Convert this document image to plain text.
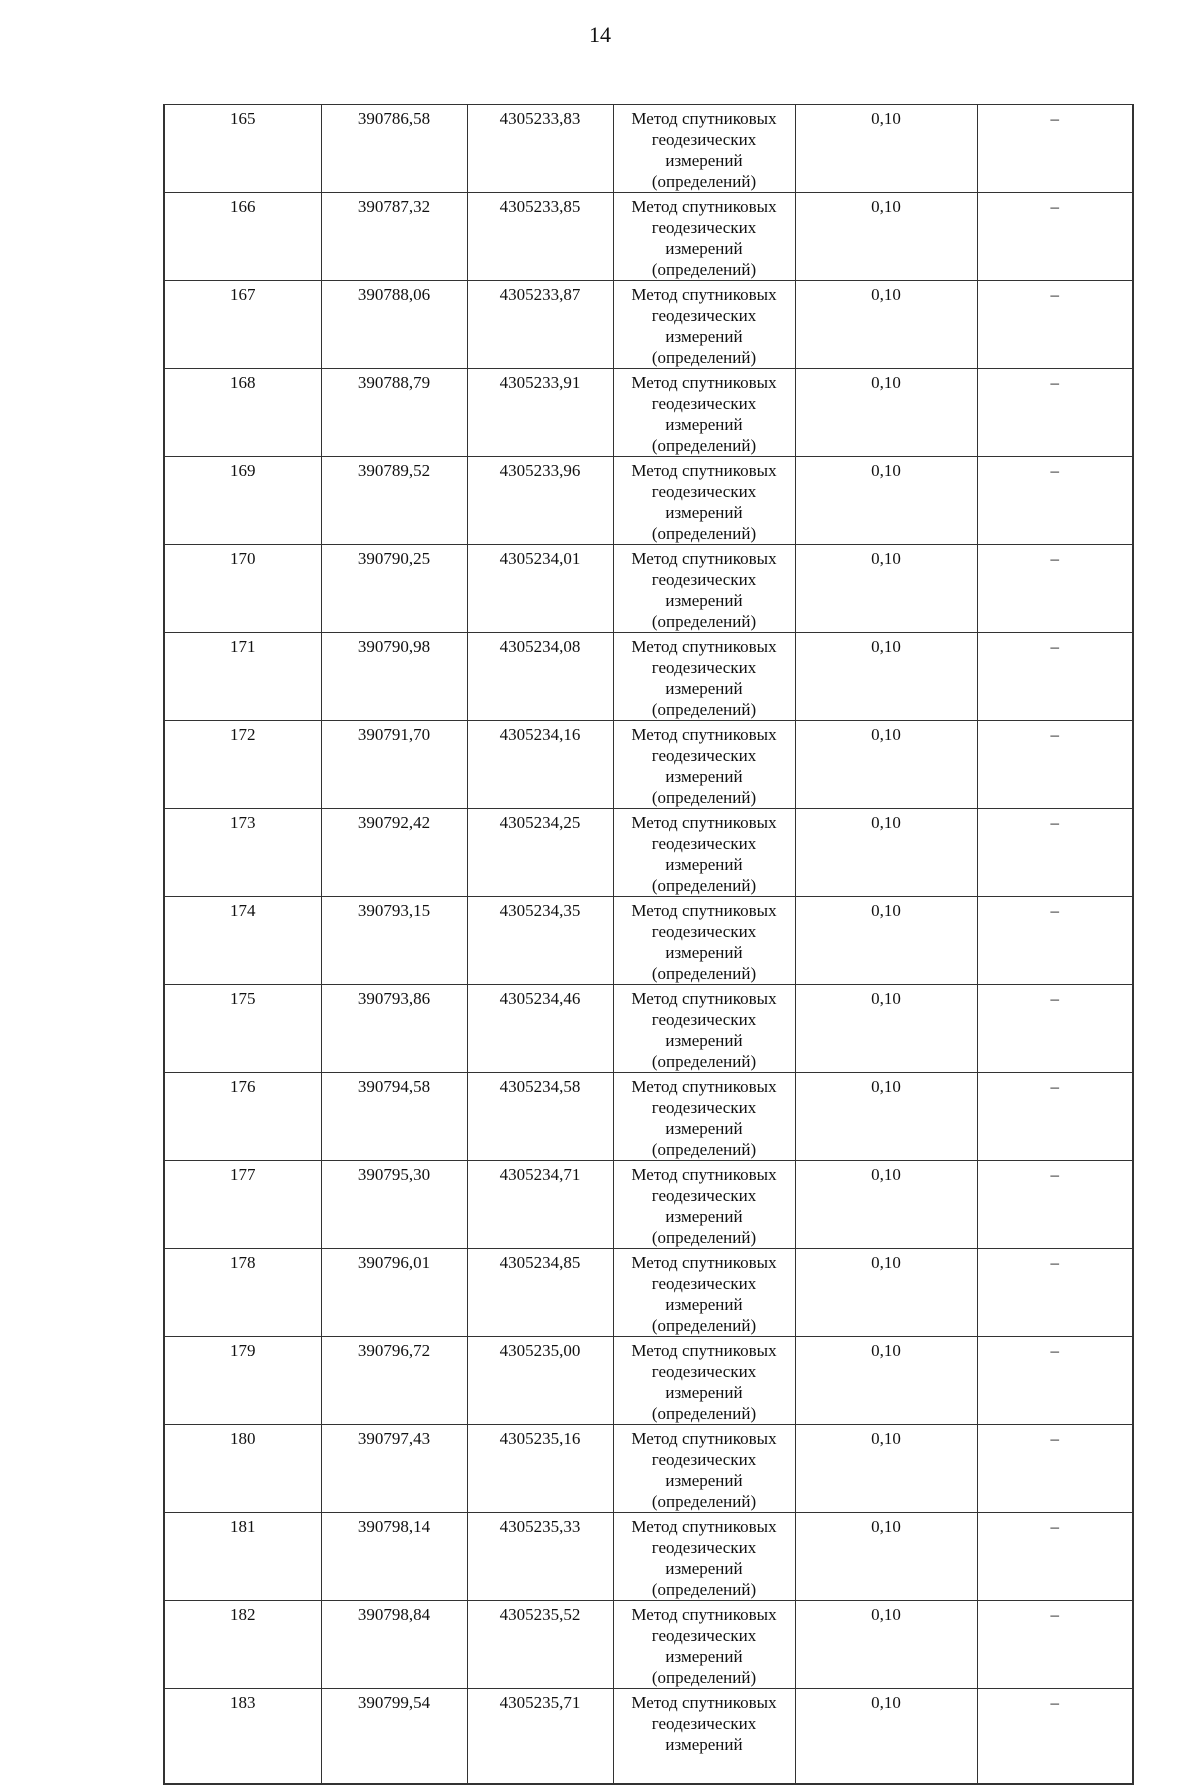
14
165	390786,58	4305233,83	Метод спутниковых
геодезических
измерений
(определений)	0,10	–
166	390787,32	4305233,85	Метод спутниковых
геодезических
измерений
(определений)	0,10	–
167	390788,06	4305233,87	Метод спутниковых
геодезических
измерений
(определений)	0,10	–
168	390788,79	4305233,91	Метод спутниковых
геодезических
измерений
(определений)	0,10	–
169	390789,52	4305233,96	Метод спутниковых
геодезических
измерений
(определений)	0,10	–
170	390790,25	4305234,01	Метод спутниковых
геодезических
измерений
(определений)	0,10	–
171	390790,98	4305234,08	Метод спутниковых
геодезических
измерений
(определений)	0,10	–
172	390791,70	4305234,16	Метод спутниковых
геодезических
измерений
(определений)	0,10	–
173	390792,42	4305234,25	Метод спутниковых
геодезических
измерений
(определений)	0,10	–
174	390793,15	4305234,35	Метод спутниковых
геодезических
измерений
(определений)	0,10	–
175	390793,86	4305234,46	Метод спутниковых
геодезических
измерений
(определений)	0,10	–
176	390794,58	4305234,58	Метод спутниковых
геодезических
измерений
(определений)	0,10	–
177	390795,30	4305234,71	Метод спутниковых
геодезических
измерений
(определений)	0,10	–
178	390796,01	4305234,85	Метод спутниковых
геодезических
измерений
(определений)	0,10	–
179	390796,72	4305235,00	Метод спутниковых
геодезических
измерений
(определений)	0,10	–
180	390797,43	4305235,16	Метод спутниковых
геодезических
измерений
(определений)	0,10	–
181	390798,14	4305235,33	Метод спутниковых
геодезических
измерений
(определений)	0,10	–
182	390798,84	4305235,52	Метод спутниковых
геодезических
измерений
(определений)	0,10	–
183	390799,54	4305235,71	Метод спутниковых
геодезических
измерений	0,10	–
